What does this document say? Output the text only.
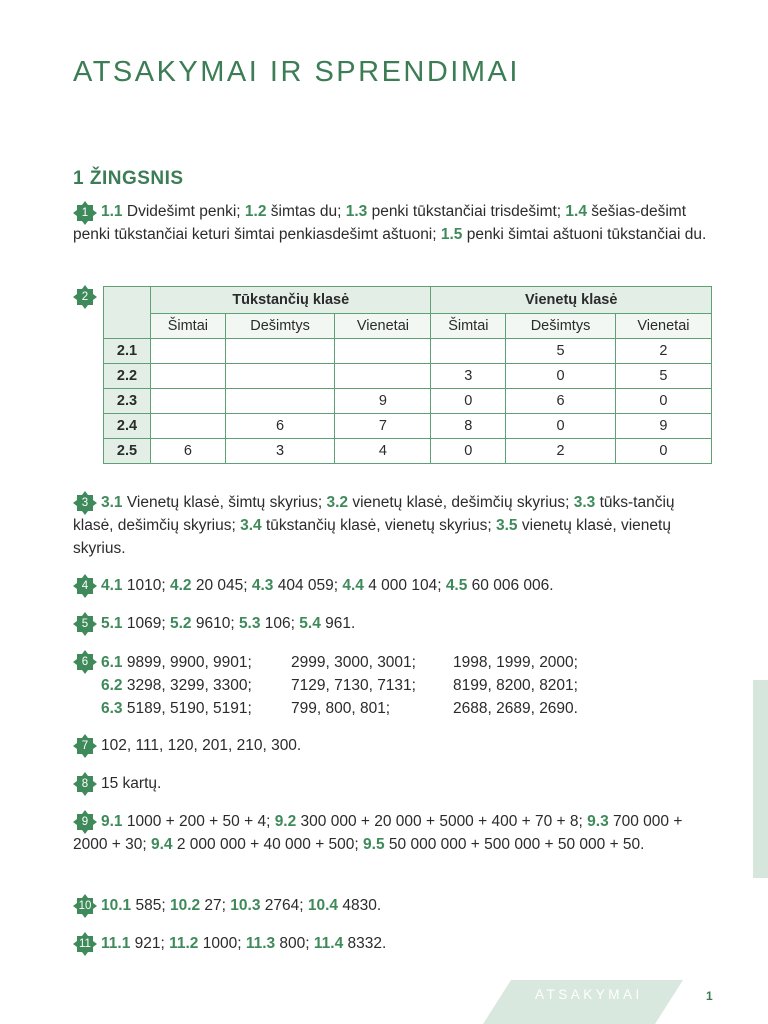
ATSAKYMAI IR SPRENDIMAI
1 ŽINGSNIS
1
2
3
4
5
6
7
8
9
10
11

1.1 Dvidešimt penki; 1.2 šimtas du; 1.3 penki tūkstančiai trisdešimt; 1.4 šešias-dešimt penki tūkstančiai keturi šimtai penkiasdešimt aštuoni; 1.5 penki šimtai aštuoni tūkstančiai du.

	Tūkstančių klasė			Vienetų klasė		
	Šimtai	Dešimtys	Vienetai	Šimtai	Dešimtys	Vienetai
2.1					5	2
2.2				3	0	5
2.3			9	0	6	0
2.4		6	7	8	0	9
2.5	6	3	4	0	2	0

3.1 Vienetų klasė, šimtų skyrius; 3.2 vienetų klasė, dešimčių skyrius; 3.3 tūks-tančių klasė, dešimčių skyrius; 3.4 tūkstančių klasė, vienetų skyrius; 3.5 vienetų klasė, vienetų skyrius.

4.1 1010; 4.2 20 045; 4.3 404 059; 4.4 4 000 104; 4.5 60 006 006.

5.1 1069; 5.2 9610; 5.3 106; 5.4 961.

6.1 9899, 9900, 9901;	2999, 3000, 3001;	1998, 1999, 2000;
6.2 3298, 3299, 3300;	7129, 7130, 7131;	8199, 8200, 8201;
6.3 5189, 5190, 5191;	799, 800, 801;	2688, 2689, 2690.

102, 111, 120, 201, 210, 300.

15 kartų.

9.1 1000 + 200 + 50 + 4; 9.2 300 000 + 20 000 + 5000 + 400 + 70 + 8; 9.3 700 000 + 2000 + 30; 9.4 2 000 000 + 40 000 + 500; 9.5 50 000 000 + 500 000 + 50 000 + 50.

10.1 585; 10.2 27; 10.3 2764; 10.4 4830.

11.1 921; 11.2 1000; 11.3 800; 11.4 8332.

ATSAKYMAI	1
